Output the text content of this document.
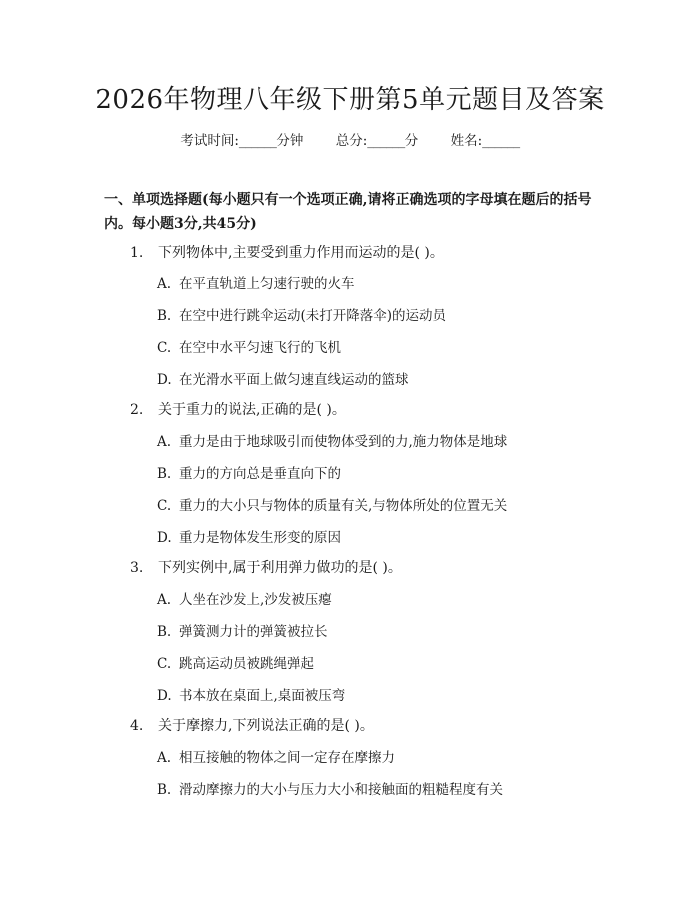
2026年物理八年级下册第5单元题目及答案
考试时间:______分钟 总分:______分 姓名:______
一、单项选择题(每小题只有一个选项正确,请将正确选项的字母填在题后的括号内。每小题3分,共45分)
1. 下列物体中,主要受到重力作用而运动的是( )。
A. 在平直轨道上匀速行驶的火车
B. 在空中进行跳伞运动(未打开降落伞)的运动员
C. 在空中水平匀速飞行的飞机
D. 在光滑水平面上做匀速直线运动的篮球
2. 关于重力的说法,正确的是( )。
A. 重力是由于地球吸引而使物体受到的力,施力物体是地球
B. 重力的方向总是垂直向下的
C. 重力的大小只与物体的质量有关,与物体所处的位置无关
D. 重力是物体发生形变的原因
3. 下列实例中,属于利用弹力做功的是( )。
A. 人坐在沙发上,沙发被压瘪
B. 弹簧测力计的弹簧被拉长
C. 跳高运动员被跳绳弹起
D. 书本放在桌面上,桌面被压弯
4. 关于摩擦力,下列说法正确的是( )。
A. 相互接触的物体之间一定存在摩擦力
B. 滑动摩擦力的大小与压力大小和接触面的粗糙程度有关
